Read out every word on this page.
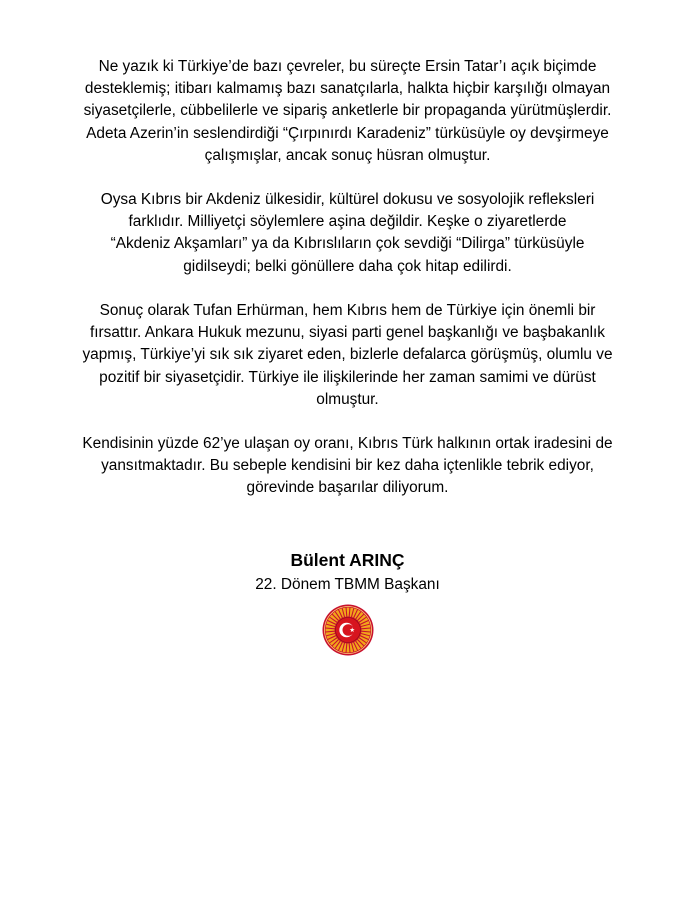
Ne yazık ki Türkiye’de bazı çevreler, bu süreçte Ersin Tatar’ı açık biçimde
desteklemiş; itibarı kalmamış bazı sanatçılarla, halkta hiçbir karşılığı olmayan
siyasetçilerle, cübbelilerle ve sipariş anketlerle bir propaganda yürütmüşlerdir.
Adeta Azerin’in seslendirdiği “Çırpınırdı Karadeniz” türküsüyle oy devşirmeye
çalışmışlar, ancak sonuç hüsran olmuştur.

Oysa Kıbrıs bir Akdeniz ülkesidir, kültürel dokusu ve sosyolojik refleksleri
farklıdır. Milliyetçi söylemlere aşina değildir. Keşke o ziyaretlerde
“Akdeniz Akşamları” ya da Kıbrıslıların çok sevdiği “Dilirga” türküsüyle
gidilseydi; belki gönüllere daha çok hitap edilirdi.

Sonuç olarak Tufan Erhürman, hem Kıbrıs hem de Türkiye için önemli bir
fırsattır. Ankara Hukuk mezunu, siyasi parti genel başkanlığı ve başbakanlık
yapmış, Türkiye’yi sık sık ziyaret eden, bizlerle defalarca görüşmüş, olumlu ve
pozitif bir siyasetçidir. Türkiye ile ilişkilerinde her zaman samimi ve dürüst
olmuştur.

Kendisinin yüzde 62’ye ulaşan oy oranı, Kıbrıs Türk halkının ortak iradesini de
yansıtmaktadır. Bu sebeple kendisini bir kez daha içtenlikle tebrik ediyor,
görevinde başarılar diliyorum.

Bülent ARINÇ
22. Dönem TBMM Başkanı
